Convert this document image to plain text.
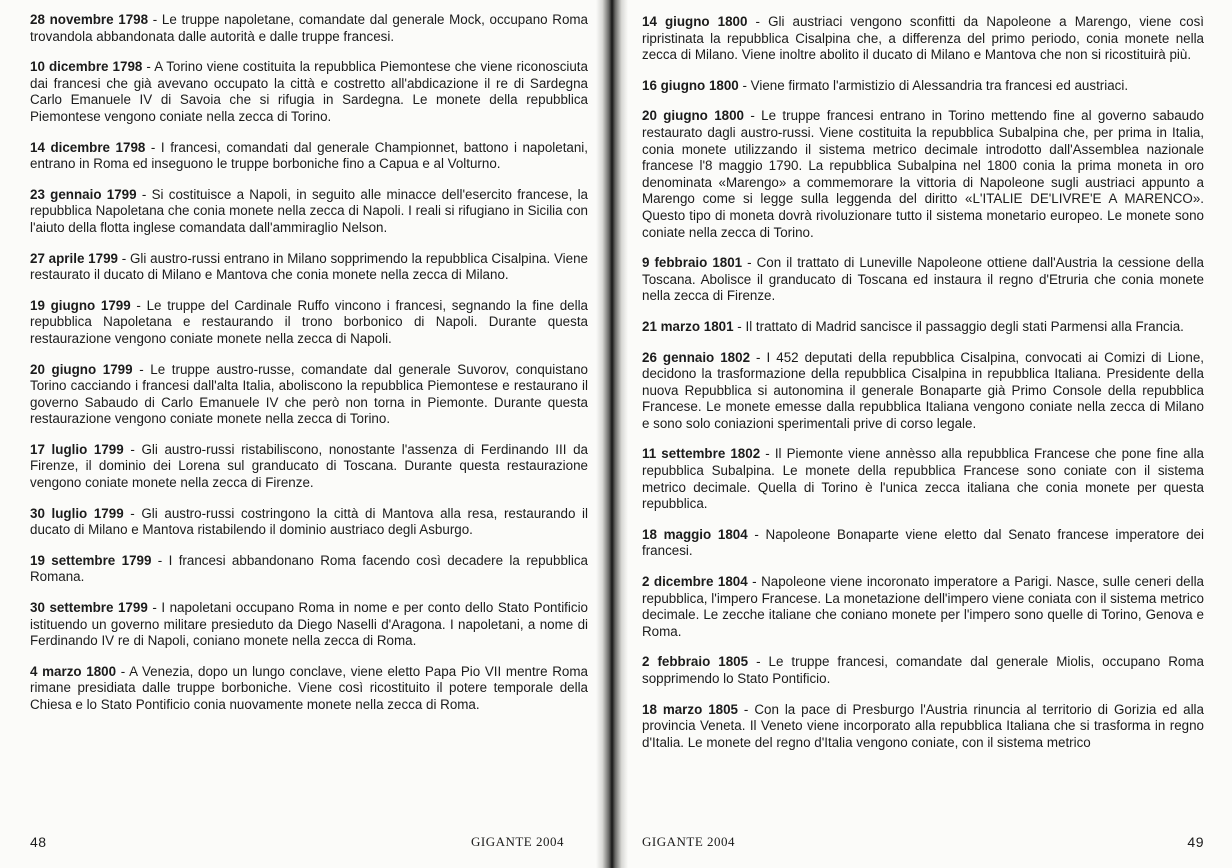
28 novembre 1798 - Le truppe napoletane, comandate dal generale Mock, occupano Roma trovandola abbandonata dalle autorità e dalle truppe francesi.

10 dicembre 1798 - A Torino viene costituita la repubblica Piemontese che viene riconosciuta dai francesi che già avevano occupato la città e costretto all'abdicazione il re di Sardegna Carlo Emanuele IV di Savoia che si rifugia in Sardegna. Le monete della repubblica Piemontese vengono coniate nella zecca di Torino.

14 dicembre 1798 - I francesi, comandati dal generale Championnet, battono i napoletani, entrano in Roma ed inseguono le truppe borboniche fino a Capua e al Volturno.

23 gennaio 1799 - Si costituisce a Napoli, in seguito alle minacce dell'esercito francese, la repubblica Napoletana che conia monete nella zecca di Napoli. I reali si rifugiano in Sicilia con l'aiuto della flotta inglese comandata dall'ammiraglio Nelson.

27 aprile 1799 - Gli austro-russi entrano in Milano sopprimendo la repubblica Cisalpina. Viene restaurato il ducato di Milano e Mantova che conia monete nella zecca di Milano.

19 giugno 1799 - Le truppe del Cardinale Ruffo vincono i francesi, segnando la fine della repubblica Napoletana e restaurando il trono borbonico di Napoli. Durante questa restaurazione vengono coniate monete nella zecca di Napoli.

20 giugno 1799 - Le truppe austro-russe, comandate dal generale Suvorov, conquistano Torino cacciando i francesi dall'alta Italia, aboliscono la repubblica Piemontese e restaurano il governo Sabaudo di Carlo Emanuele IV che però non torna in Piemonte. Durante questa restaurazione vengono coniate monete nella zecca di Torino.

17 luglio 1799 - Gli austro-russi ristabiliscono, nonostante l'assenza di Ferdinando III da Firenze, il dominio dei Lorena sul granducato di Toscana. Durante questa restaurazione vengono coniate monete nella zecca di Firenze.

30 luglio 1799 - Gli austro-russi costringono la città di Mantova alla resa, restaurando il ducato di Milano e Mantova ristabilendo il dominio austriaco degli Asburgo.

19 settembre 1799 - I francesi abbandonano Roma facendo così decadere la repubblica Romana.

30 settembre 1799 - I napoletani occupano Roma in nome e per conto dello Stato Pontificio istituendo un governo militare presieduto da Diego Naselli d'Aragona. I napoletani, a nome di Ferdinando IV re di Napoli, coniano monete nella zecca di Roma.

4 marzo 1800 - A Venezia, dopo un lungo conclave, viene eletto Papa Pio VII mentre Roma rimane presidiata dalle truppe borboniche. Viene così ricostituito il potere temporale della Chiesa e lo Stato Pontificio conia nuovamente monete nella zecca di Roma.

48	GIGANTE 2004

14 giugno 1800 - Gli austriaci vengono sconfitti da Napoleone a Marengo, viene così ripristinata la repubblica Cisalpina che, a differenza del primo periodo, conia monete nella zecca di Milano. Viene inoltre abolito il ducato di Milano e Mantova che non si ricostituirà più.

16 giugno 1800 - Viene firmato l'armistizio di Alessandria tra francesi ed austriaci.

20 giugno 1800 - Le truppe francesi entrano in Torino mettendo fine al governo sabaudo restaurato dagli austro-russi. Viene costituita la repubblica Subalpina che, per prima in Italia, conia monete utilizzando il sistema metrico decimale introdotto dall'Assemblea nazionale francese l'8 maggio 1790. La repubblica Subalpina nel 1800 conia la prima moneta in oro denominata «Marengo» a commemorare la vittoria di Napoleone sugli austriaci appunto a Marengo come si legge sulla leggenda del diritto «L'ITALIE DE'LIVRE'E A MARENCO». Questo tipo di moneta dovrà rivoluzionare tutto il sistema monetario europeo. Le monete sono coniate nella zecca di Torino.

9 febbraio 1801 - Con il trattato di Luneville Napoleone ottiene dall'Austria la cessione della Toscana. Abolisce il granducato di Toscana ed instaura il regno d'Etruria che conia monete nella zecca di Firenze.

21 marzo 1801 - Il trattato di Madrid sancisce il passaggio degli stati Parmensi alla Francia.

26 gennaio 1802 - I 452 deputati della repubblica Cisalpina, convocati ai Comizi di Lione, decidono la trasformazione della repubblica Cisalpina in repubblica Italiana. Presidente della nuova Repubblica si autonomina il generale Bonaparte già Primo Console della repubblica Francese. Le monete emesse dalla repubblica Italiana vengono coniate nella zecca di Milano e sono solo coniazioni sperimentali prive di corso legale.

11 settembre 1802 - Il Piemonte viene annèsso alla repubblica Francese che pone fine alla repubblica Subalpina. Le monete della repubblica Francese sono coniate con il sistema metrico decimale. Quella di Torino è l'unica zecca italiana che conia monete per questa repubblica.

18 maggio 1804 - Napoleone Bonaparte viene eletto dal Senato francese imperatore dei francesi.

2 dicembre 1804 - Napoleone viene incoronato imperatore a Parigi. Nasce, sulle ceneri della repubblica, l'impero Francese. La monetazione dell'impero viene coniata con il sistema metrico decimale. Le zecche italiane che coniano monete per l'impero sono quelle di Torino, Genova e Roma.

2 febbraio 1805 - Le truppe francesi, comandate dal generale Miolis, occupano Roma sopprimendo lo Stato Pontificio.

18 marzo 1805 - Con la pace di Presburgo l'Austria rinuncia al territorio di Gorizia ed alla provincia Veneta. Il Veneto viene incorporato alla repubblica Italiana che si trasforma in regno d'Italia. Le monete del regno d'Italia vengono coniate, con il sistema metrico

GIGANTE 2004	49
